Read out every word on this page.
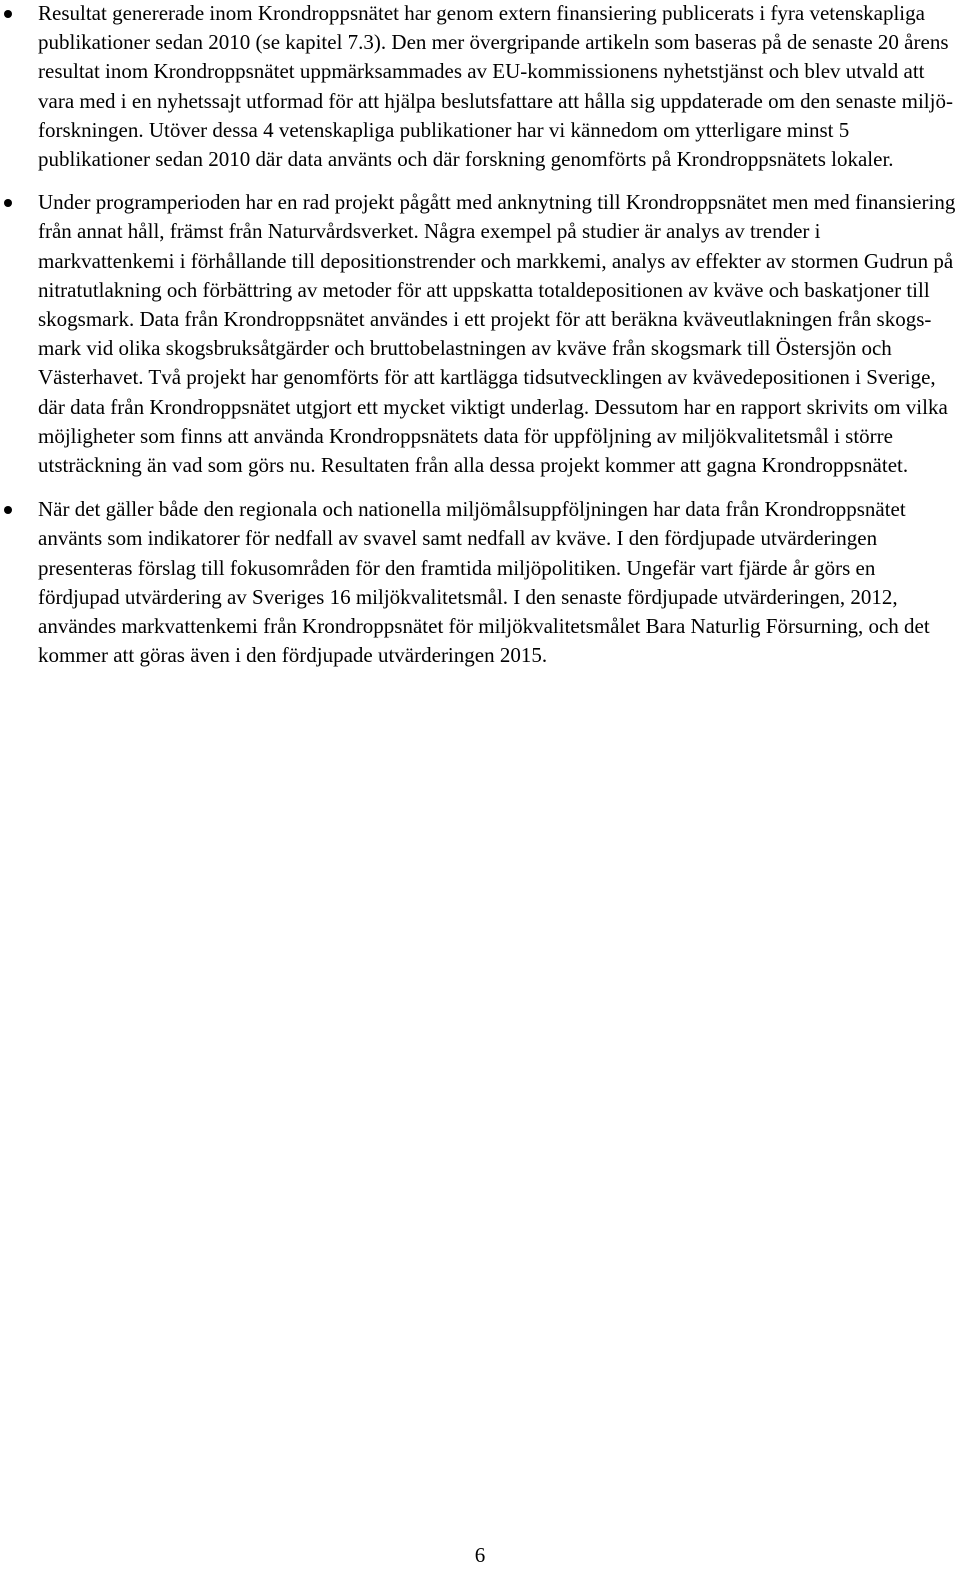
Resultat genererade inom Krondroppsnätet har genom extern finansiering publicerats i fyra vetenskapliga publikationer sedan 2010 (se kapitel 7.3). Den mer övergripande artikeln som baseras på de senaste 20 årens resultat inom Krondroppsnätet uppmärksammades av EU-kommissionens nyhetstjänst och blev utvald att vara med i en nyhetssajt utformad för att hjälpa beslutsfattare att hålla sig uppdaterade om den senaste miljöforskningen. Utöver dessa 4 vetenskapliga publikationer har vi kännedom om ytterligare minst 5 publikationer sedan 2010 där data använts och där forskning genomförts på Krondroppsnätets lokaler.
Under programperioden har en rad projekt pågått med anknytning till Krondroppsnätet men med finansiering från annat håll, främst från Naturvårdsverket. Några exempel på studier är analys av trender i markvattenkemi i förhållande till depositionstrender och markkemi, analys av effekter av stormen Gudrun på nitratutlakning och förbättring av metoder för att uppskatta totaldepositionen av kväve och baskatjoner till skogsmark. Data från Krondroppsnätet användes i ett projekt för att beräkna kväveutlakningen från skogsmark vid olika skogsbruksåtgärder och bruttobelastningen av kväve från skogsmark till Östersjön och Västerhavet. Två projekt har genomförts för att kartlägga tidsutvecklingen av kvävedepositionen i Sverige, där data från Krondroppsnätet utgjort ett mycket viktigt underlag. Dessutom har en rapport skrivits om vilka möjligheter som finns att använda Krondroppsnätets data för uppföljning av miljökvalitetsmål i större utsträckning än vad som görs nu. Resultaten från alla dessa projekt kommer att gagna Krondroppsnätet.
När det gäller både den regionala och nationella miljömålsuppföljningen har data från Krondroppsnätet använts som indikatorer för nedfall av svavel samt nedfall av kväve. I den fördjupade utvärderingen presenteras förslag till fokusområden för den framtida miljöpolitiken. Ungefär vart fjärde år görs en fördjupad utvärdering av Sveriges 16 miljökvalitetsmål. I den senaste fördjupade utvärderingen, 2012, användes markvattenkemi från Krondroppsnätet för miljökvalitetsmålet Bara Naturlig Försurning, och det kommer att göras även i den fördjupade utvärderingen 2015.
6
